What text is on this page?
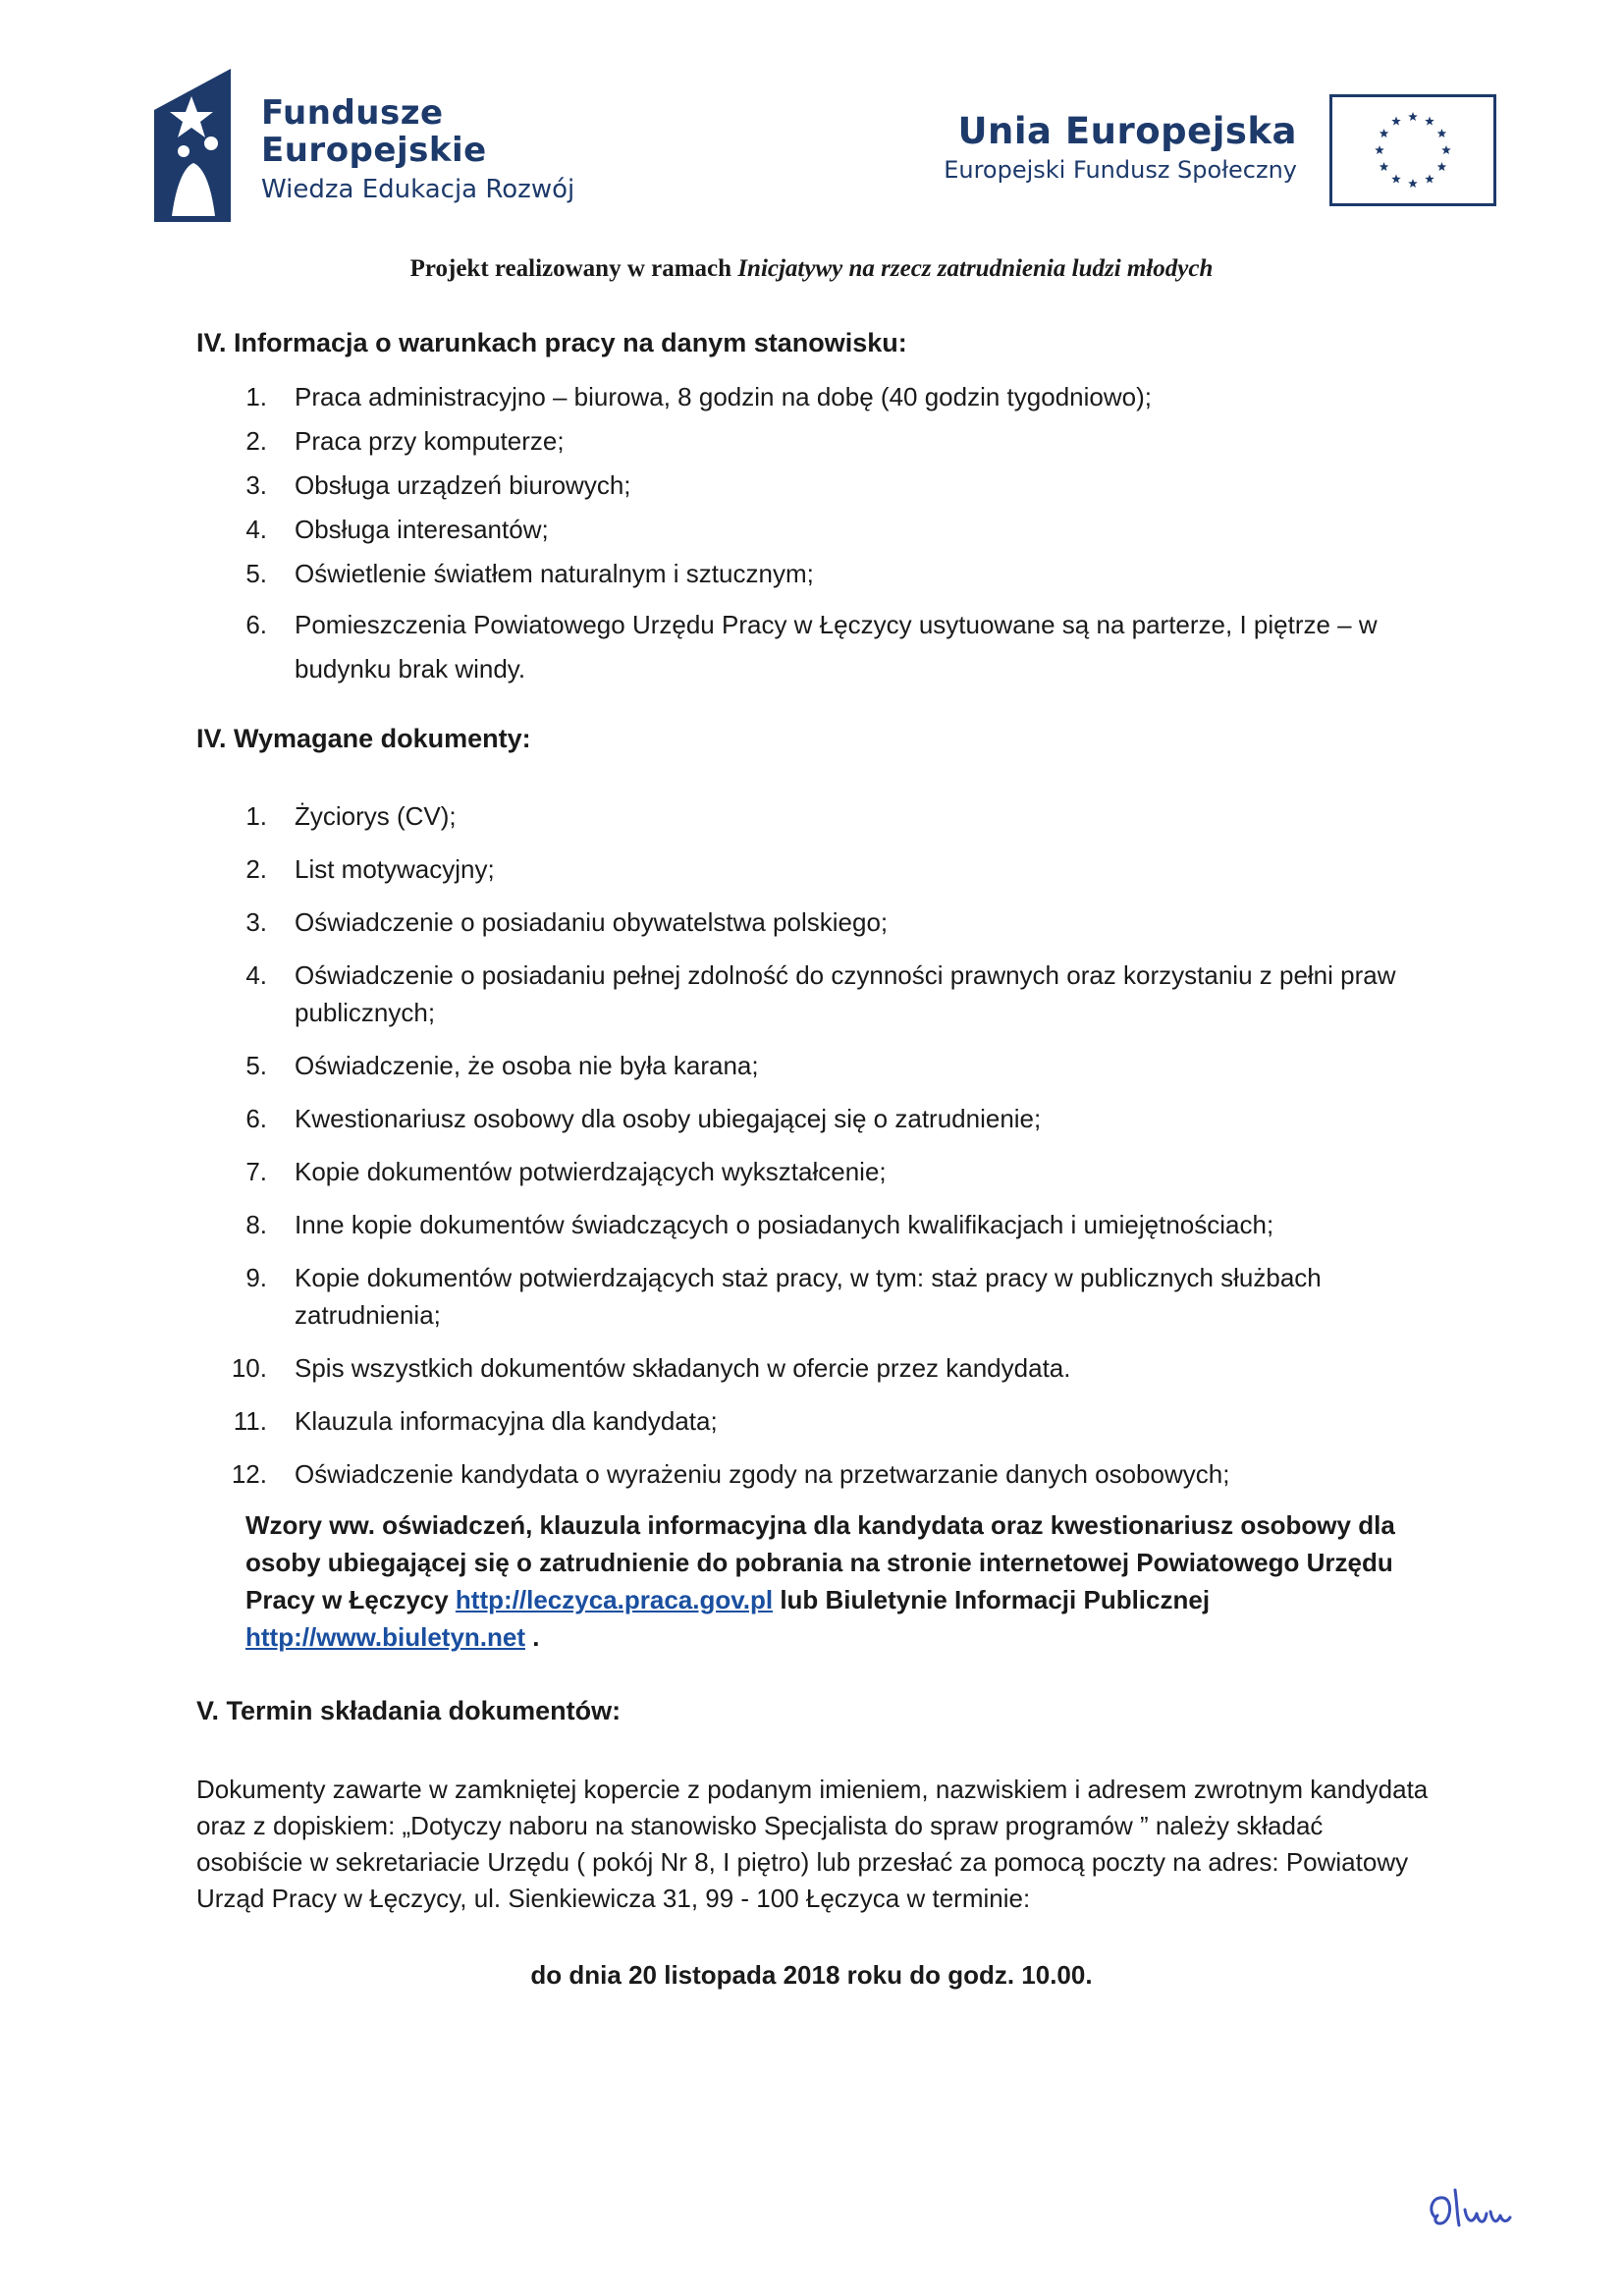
Fundusze
Europejskie
Wiedza Edukacja Rozwój
Unia Europejska
Europejski Fundusz Społeczny
Projekt realizowany w ramach Inicjatywy na rzecz zatrudnienia ludzi młodych
IV. Informacja o warunkach pracy na danym stanowisku:
1.	Praca administracyjno – biurowa, 8 godzin na dobę (40 godzin tygodniowo);
2.	Praca przy komputerze;
3.	Obsługa urządzeń biurowych;
4.	Obsługa interesantów;
5.	Oświetlenie światłem naturalnym i sztucznym;
6.	Pomieszczenia Powiatowego Urzędu Pracy w Łęczycy usytuowane są na parterze, I piętrze – w budynku brak windy.
IV. Wymagane dokumenty:
1.	Życiorys (CV);
2.	List motywacyjny;
3.	Oświadczenie o posiadaniu obywatelstwa polskiego;
4.	Oświadczenie o posiadaniu pełnej zdolność do czynności prawnych oraz korzystaniu z pełni praw publicznych;
5.	Oświadczenie, że osoba nie była karana;
6.	Kwestionariusz osobowy dla osoby ubiegającej się o zatrudnienie;
7.	Kopie dokumentów potwierdzających wykształcenie;
8.	Inne kopie dokumentów świadczących o posiadanych kwalifikacjach i umiejętnościach;
9.	Kopie dokumentów potwierdzających staż pracy, w tym: staż pracy w publicznych służbach zatrudnienia;
10.	Spis wszystkich dokumentów składanych w ofercie przez kandydata.
11.	Klauzula informacyjna dla kandydata;
12.	Oświadczenie kandydata o wyrażeniu zgody na przetwarzanie danych osobowych;
Wzory ww. oświadczeń, klauzula informacyjna dla kandydata oraz kwestionariusz osobowy dla osoby ubiegającej się o zatrudnienie do pobrania na stronie internetowej Powiatowego Urzędu Pracy w Łęczycy http://leczyca.praca.gov.pl lub Biuletynie Informacji Publicznej http://www.biuletyn.net .
V. Termin składania dokumentów:
Dokumenty zawarte w zamkniętej kopercie z podanym imieniem, nazwiskiem i adresem zwrotnym kandydata oraz z dopiskiem: „Dotyczy naboru na stanowisko Specjalista do spraw programów ” należy składać osobiście w sekretariacie Urzędu ( pokój Nr 8, I piętro) lub przesłać za pomocą poczty na adres: Powiatowy Urząd Pracy w Łęczycy, ul. Sienkiewicza 31, 99 - 100 Łęczyca w terminie:
do dnia 20 listopada 2018 roku do godz. 10.00.
